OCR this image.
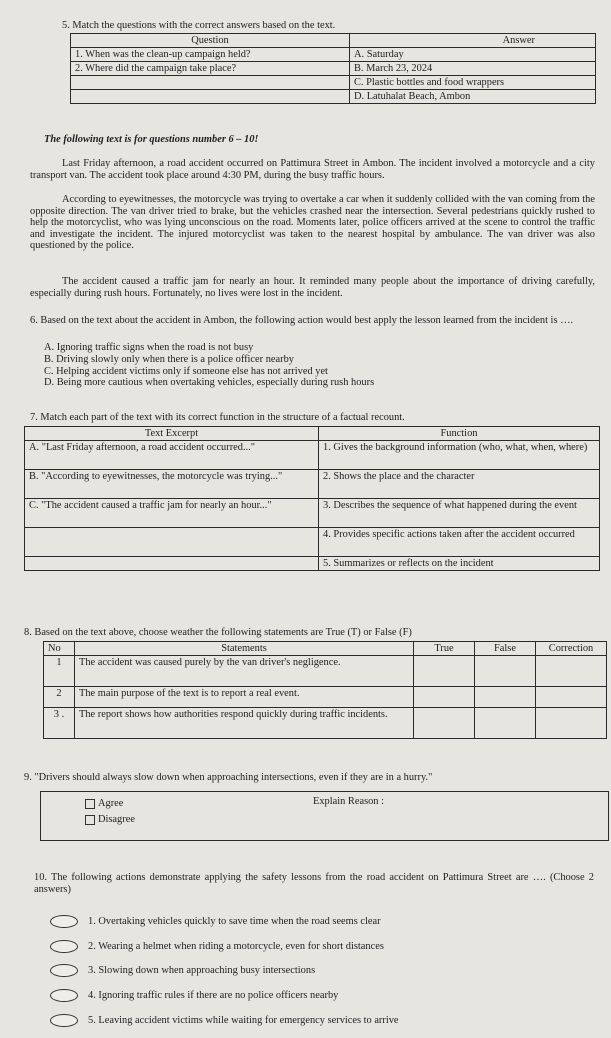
5. Match the questions with the correct answers based on the text.
Question	Answer
1. When was the clean-up campaign held?	A. Saturday
2. Where did the campaign take place?	B. March 23, 2024
	C. Plastic bottles and food wrappers
	D. Latuhalat Beach, Ambon
The following text is for questions number 6 – 10!
Last Friday afternoon, a road accident occurred on Pattimura Street in Ambon. The incident involved a motorcycle and a city transport van. The accident took place around 4:30 PM, during the busy traffic hours.
According to eyewitnesses, the motorcycle was trying to overtake a car when it suddenly collided with the van coming from the opposite direction. The van driver tried to brake, but the vehicles crashed near the intersection. Several pedestrians quickly rushed to help the motorcyclist, who was lying unconscious on the road. Moments later, police officers arrived at the scene to control the traffic and investigate the incident. The injured motorcyclist was taken to the nearest hospital by ambulance. The van driver was also questioned by the police.
The accident caused a traffic jam for nearly an hour. It reminded many people about the importance of driving carefully, especially during rush hours. Fortunately, no lives were lost in the incident.
6. Based on the text about the accident in Ambon, the following action would best apply the lesson learned from the incident is ….
A. Ignoring traffic signs when the road is not busy
B. Driving slowly only when there is a police officer nearby
C. Helping accident victims only if someone else has not arrived yet
D. Being more cautious when overtaking vehicles, especially during rush hours
7. Match each part of the text with its correct function in the structure of a factual recount.
Text Excerpt	Function
A. "Last Friday afternoon, a road accident occurred..."	1. Gives the background information (who, what, when, where)
B. "According to eyewitnesses, the motorcycle was trying..."	2. Shows the place and the character
C. "The accident caused a traffic jam for nearly an hour..."	3. Describes the sequence of what happened during the event
	4. Provides specific actions taken after the accident occurred
	5. Summarizes or reflects on the incident
8. Based on the text above, choose weather the following statements are True (T) or False (F)
No	Statements	True	False	Correction
1	The accident was caused purely by the van driver's negligence.			
2	The main purpose of the text is to report a real event.			
3 .	The report shows how authorities respond quickly during traffic incidents.			
9. "Drivers should always slow down when approaching intersections, even if they are in a hurry."
Agree
Disagree
Explain Reason :
10. The following actions demonstrate applying the safety lessons from the road accident on Pattimura Street are …. (Choose 2 answers)
1. Overtaking vehicles quickly to save time when the road seems clear
2. Wearing a helmet when riding a motorcycle, even for short distances
3. Slowing down when approaching busy intersections
4. Ignoring traffic rules if there are no police officers nearby
5. Leaving accident victims while waiting for emergency services to arrive
